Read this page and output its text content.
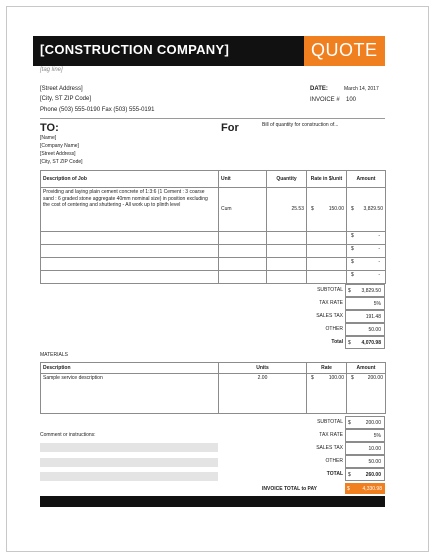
[CONSTRUCTION COMPANY]	QUOTE
[tag line]
[Street Address]
[City, ST ZIP Code]
Phone (503) 555-0190 Fax (503) 555-0191
DATE:	March 14, 2017
INVOICE # 100
TO:
[Name]
[Company Name]
[Street Address]
[City, ST ZIP Code]
For	Bill of quantity for construction of...
Description of Job	Unit	Quantity	Rate in $/unit	Amount
Providing and laying plain cement concrete of 1:3:6 (1 Cement : 3 coarse sand : 6 graded stone aggregate 40mm nominal size) in position excluding the cost of centering and shuttering - All work up to plinth level	Cum	25.53	$ 150.00	$ 3,829.50

				$ -

				$ -

				$ -

				$ -
SUBTOTAL $ 3,829.50
TAX RATE	5%
SALES TAX	191.48
OTHER	50.00
Total $ 4,070.98
MATERIALS
Description	Units	Rate	Amount
Sample service description	2.00	$ 100.00	$ 200.00
SUBTOTAL $	200.00
TAX RATE	5%
SALES TAX	10.00
OTHER	50.00
TOTAL $	260.00
Comment or instructions:
INVOICE TOTAL to PAY	$	4,330.98
